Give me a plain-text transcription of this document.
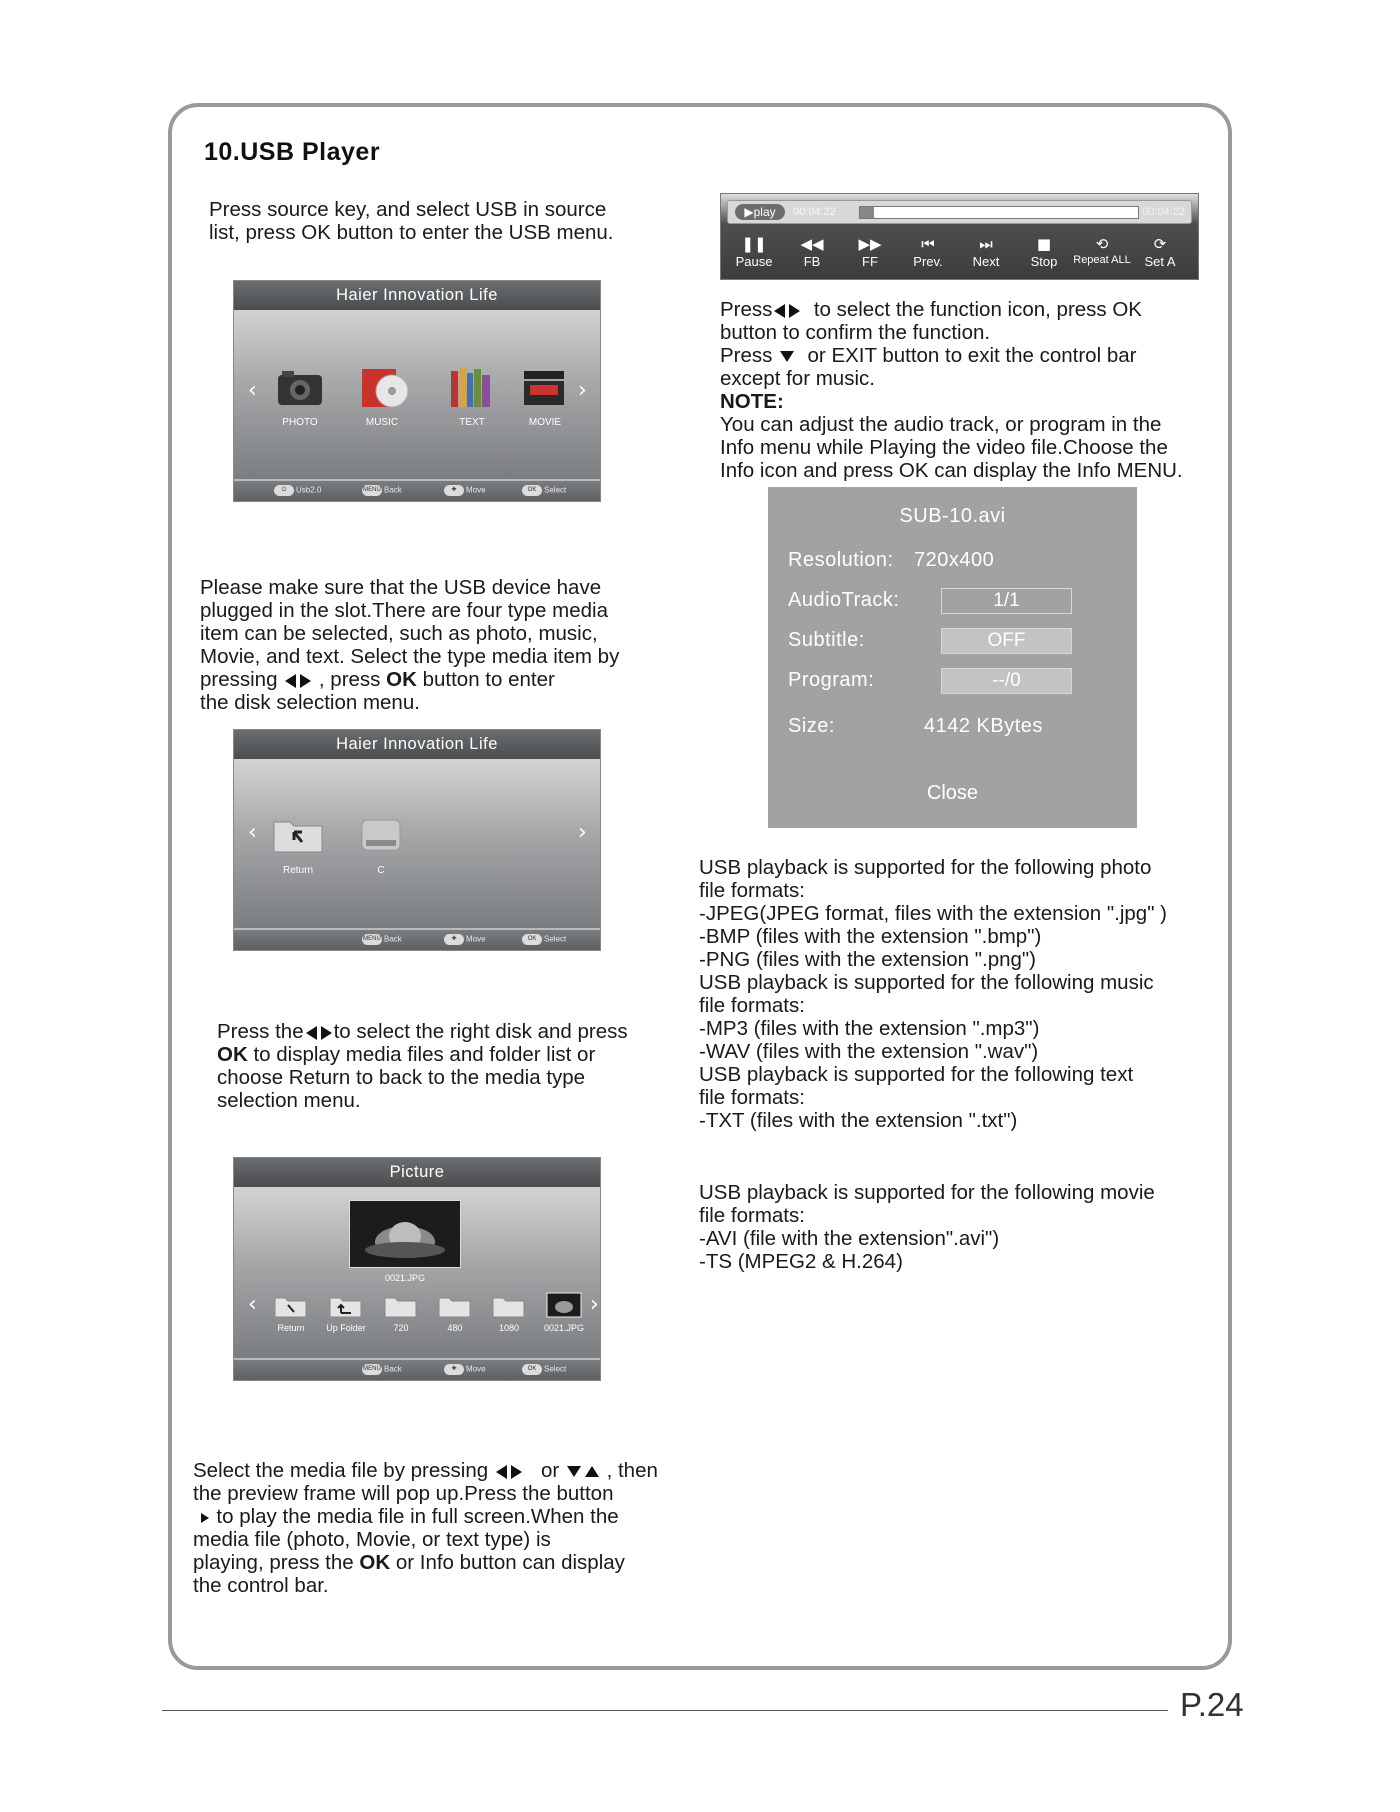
10.USB Player

Press source key, and select USB in source

list, press OK button to enter the USB menu.

Haier Innovation Life
‹	›
PHOTO	MUSIC	TEXT	MOVIE
⏻ Usb2.0	MENU Back	✚ Move	OK Select

Please make sure that the USB device have

plugged in the slot.There are four type media

item can be selected, such as photo, music,

Movie, and text. Select the type media item by

pressing , press OK button to enter

the disk selection menu.

Haier Innovation Life
‹	›
Return	C
MENU Back	✚ Move	OK Select

Press the to select the right disk and press

OK to display media files and folder list or

choose Return to back to the media type

selection menu.

Picture
0021.JPG
‹	›
Return	Up Folder	720	480	1080	0021.JPG
MENU Back	✚ Move	OK Select

Select the media file by pressing	or , then

the preview frame will pop up.Press the button

to play the media file in full screen.When the

media file (photo, Movie, or text type) is

playing, press the OK or Info button can display

the control bar.

▶play	00:04:22	00:04:22
❚❚
Pause
◀◀
FB
▶▶
FF
⏮
Prev.
⏭
Next
■
Stop
⟲
Repeat ALL
⟳
Set A

Press to select the function icon, press OK

button to confirm the function.

Press or EXIT button to exit the control bar

except for music.

NOTE:

You can adjust the audio track, or program in the

Info menu while Playing the video file.Choose the

Info icon and press OK can display the Info MENU.

SUB-10.avi
Resolution: 720x400
AudioTrack:	1/1
Subtitle:	OFF
Program:	--/0
Size:	4142 KBytes
Close

USB playback is supported for the following photo

file formats:

-JPEG(JPEG format, files with the extension ".jpg" )

-BMP (files with the extension ".bmp")

-PNG (files with the extension ".png")

USB playback is supported for the following music

file formats:

-MP3 (files with the extension ".mp3")

-WAV (files with the extension ".wav")

USB playback is supported for the following text

file formats:

-TXT (files with the extension ".txt")

USB playback is supported for the following movie

file formats:

-AVI (file with the extension".avi")

-TS (MPEG2 & H.264)

P.24
